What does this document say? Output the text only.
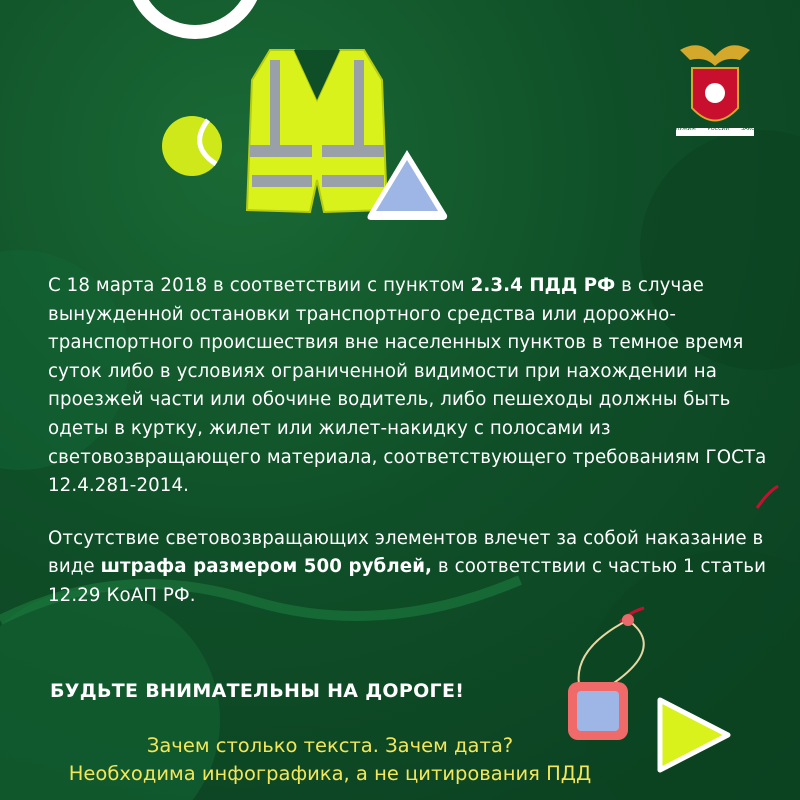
СЛУЖИМ РОССИИ ЗАКОНУ

С 18 марта 2018 в соответствии с пунктом 2.3.4 ПДД РФ в случае вынужденной остановки транспортного средства или дорожно-транспортного происшествия вне населенных пунктов в темное время суток либо в условиях ограниченной видимости при нахождении на проезжей части или обочине водитель, либо пешеходы должны быть одеты в куртку, жилет или жилет-накидку с полосами из световозвращающего материала, соответствующего требованиям ГОСТа 12.4.281-2014.

Отсутствие световозвращающих элементов влечет за собой наказание в виде штрафа размером 500 рублей, в соответствии с частью 1 статьи 12.29 КоАП РФ.

БУДЬТЕ ВНИМАТЕЛЬНЫ НА ДОРОГЕ!
Зачем столько текста. Зачем дата?
Необходима инфографика, а не цитирования ПДД
